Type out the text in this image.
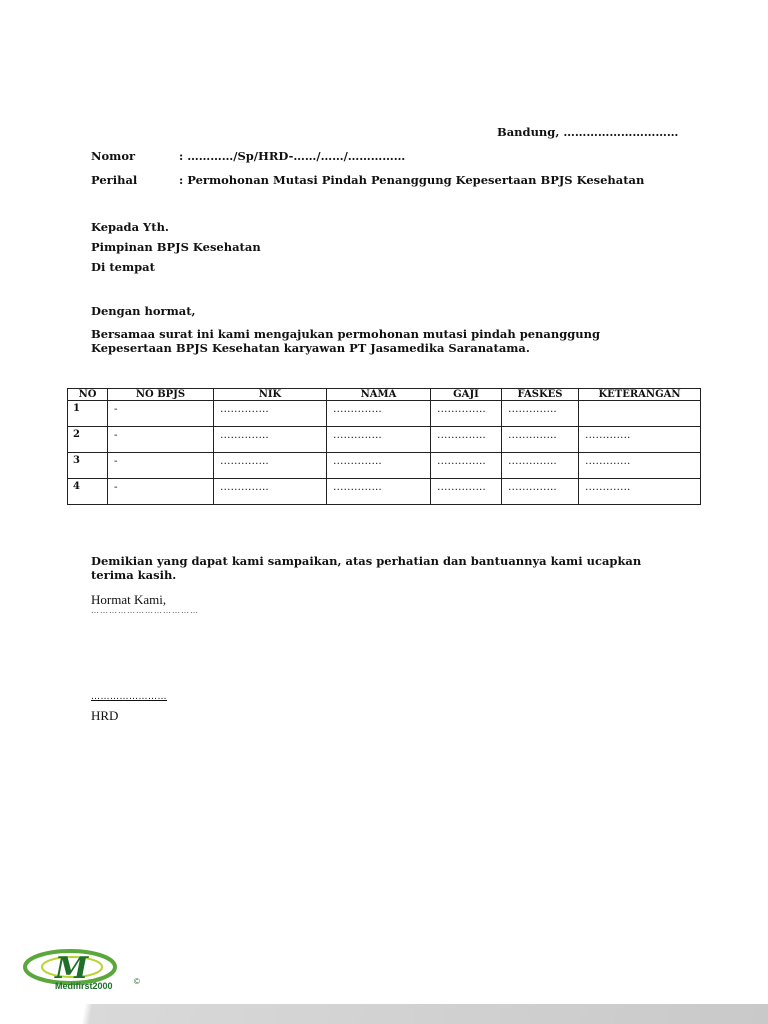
Bandung, …………………………
Nomor	: …………/Sp/HRD-……/……/……………
Perihal	: Permohonan Mutasi Pindah Penanggung Kepesertaan BPJS Kesehatan
Kepada Yth.
Pimpinan BPJS Kesehatan
Di tempat
Dengan hormat,
Bersamaa surat ini kami mengajukan permohonan mutasi pindah penanggung Kepesertaan BPJS Kesehatan karyawan PT Jasamedika Saranatama.
NO	NO BPJS	NIK	NAMA	GAJI	FASKES	KETERANGAN
1	-	…………..	…………..	…………..	…………..	
2	-	…………..	…………..	…………..	…………..	………….
3	-	…………..	…………..	…………..	…………..	………….
4	-	…………..	…………..	…………..	…………..	………….
Demikian yang dapat kami sampaikan, atas perhatian dan bantuannya kami ucapkan terima kasih.
Hormat Kami,
………………………………
……………………
HRD
M
Medifirst2000	©
